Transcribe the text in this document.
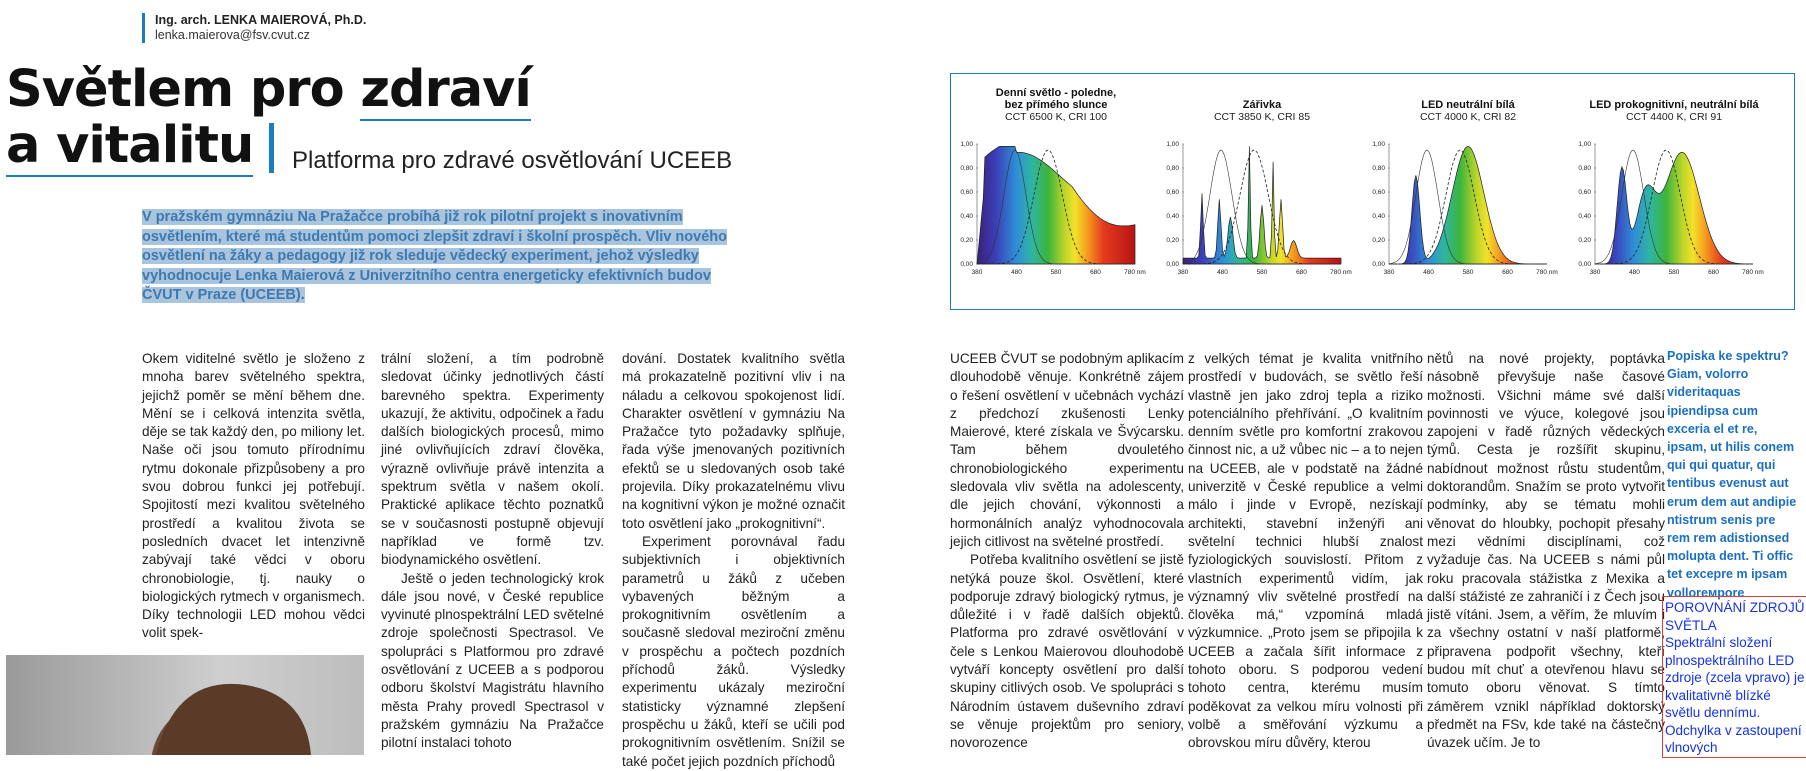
Ing. arch. LENKA MAIEROVÁ, Ph.D.
lenka.maierova@fsv.cvut.cz
Světlem pro zdraví
a vitalitu Platforma pro zdravé osvětlování UCEEB
V pražském gymnáziu Na Pražačce probíhá již rok pilotní projekt s inovativním osvětlením, které má studentům pomoci zlepšit zdraví i školní prospěch. Vliv nového osvětlení na žáky a pedagogy již rok sleduje vědecký experiment, jehož výsledky vyhodnocuje Lenka Maierová z Univerzitního centra energeticky efektivních budov ČVUT v Praze (UCEEB).
Denní světlo - poledne,
bez přímého slunce
CCT 6500 K, CRI 100
1,00
0,80
0,60
0,40
0,20
0,00
380	480	580	680	780 nm
Zářivka
CCT 3850 K, CRI 85
1,00
0,80
0,60
0,40
0,20
0,00
380	480	580	680	780 nm
LED neutrální bílá
CCT 4000 K, CRI 82
1,00
0,80
0,60
0,40
0,20
0,00
380	480	580	680	780 nm
LED prokognitivní, neutrální bílá
CCT 4400 K, CRI 91
1,00
0,80
0,60
0,40
0,20
0,00
380	480	580	680	780 nm

Okem viditelné světlo je složeno z mnoha barev světelného spektra, jejichž poměr se mění během dne. Mění se i celková intenzita světla, děje se tak každý den, po miliony let. Naše oči jsou tomuto přírodnímu rytmu dokonale přizpůsobeny a pro svou dobrou funkci jej potřebují. Spojitostí mezi kvalitou světelného prostředí a kvalitou života se posledních dvacet let intenzivně zabývají také vědci v oboru chronobiologie, tj. nauky o biologických rytmech v organismech. Díky technologii LED mohou vědci volit spek-

trální složení, a tím podrobně sledovat účinky jednotlivých částí barevného spektra. Experimenty ukazují, že aktivitu, odpočinek a řadu dalších biologických procesů, mimo jiné ovlivňujících zdraví člověka, výrazně ovlivňuje právě intenzita a spektrum světla v našem okolí. Praktické aplikace těchto poznatků se v současnosti postupně objevují například ve formě tzv. biodynamického osvětlení.

Ještě o jeden technologický krok dále jsou nové, v České republice vyvinuté plnospektrální LED světelné zdroje společnosti Spectrasol. Ve spolupráci s Platformou pro zdravé osvětlování z UCEEB a s podporou odboru školství Magistrátu hlavního města Prahy provedl Spectrasol v pražském gymnáziu Na Pražačce pilotní instalaci tohoto

dování. Dostatek kvalitního světla má prokazatelně pozitivní vliv i na náladu a celkovou spokojenost lidí. Charakter osvětlení v gymnáziu Na Pražačce tyto požadavky splňuje, řada výše jmenovaných pozitivních efektů se u sledovaných osob také projevila. Díky prokazatelnému vlivu na kognitivní výkon je možné označit toto osvětlení jako „prokognitivní“.

Experiment porovnával řadu subjektivních i objektivních parametrů u žáků z učeben vybavených běžným a prokognitivním osvětlením a současně sledoval meziroční změnu v prospěchu a počtech pozdních příchodů žáků. Výsledky experimentu ukázaly meziroční statisticky významné zlepšení prospěchu u žáků, kteří se učili pod prokognitivním osvětlením. Snížil se také počet jejich pozdních příchodů

UCEEB ČVUT se podobným aplikacím dlouhodobě věnuje. Konkrétně zájem o řešení osvětlení v učebnách vychází z předchozí zkušenosti Lenky Maierové, které získala ve Švýcarsku. Tam během dvouletého chronobiologického experimentu sledovala vliv světla na adolescenty, dle jejich chování, výkonnosti a hormonálních analýz vyhodnocovala jejich citlivost na světelné prostředí.

Potřeba kvalitního osvětlení se jistě netýká pouze škol. Osvětlení, které podporuje zdravý biologický rytmus, je důležité i v řadě dalších objektů. Platforma pro zdravé osvětlování v čele s Lenkou Maierovou dlouhodobě vytváří koncepty osvětlení pro další skupiny citlivých osob. Ve spolupráci s Národním ústavem duševního zdraví se věnuje projektům pro seniory, novorozence

z velkých témat je kvalita vnitřního prostředí v budovách, se světlo řeší vlastně jen jako zdroj tepla a riziko potenciálního přehřívání. „O kvalitním denním světle pro komfortní zrakovou činnost nic, a už vůbec nic – a to nejen na UCEEB, ale v podstatě na žádné univerzitě v České republice a velmi málo i jinde v Evropě, nezískají architekti, stavební inženýři ani světelní technici hlubší znalost fyziologických souvislostí. Přitom z vlastních experimentů vidím, jak významný vliv světelné prostředí na člověka má,“ vzpomíná mladá výzkumnice. „Proto jsem se připojila k UCEEB a začala šířit informace z tohoto oboru. S podporou vedení tohoto centra, kterému musím poděkovat za velkou míru volnosti při volbě a směřování výzkumu a obrovskou míru důvěry, kterou

nětů na nové projekty, poptávka násobně převyšuje naše časové možnosti. Všichni máme své další povinnosti ve výuce, kolegové jsou zapojeni v řadě různých vědeckých týmů. Cesta je rozšířit skupinu, nabídnout možnost růstu studentům, doktorandům. Snažím se proto vytvořit podmínky, aby se tématu mohli věnovat do hloubky, pochopit přesahy mezi vědními disciplínami, což vyžaduje čas. Na UCEEB s námi půl roku pracovala stážistka z Mexika a další stážisté ze zahraničí i z Čech jsou jistě vítáni. Jsem, a věřím, že mluvím i za všechny ostatní v naší platformě, připravena podpořit všechny, kteří budou mít chuť a otevřenou hlavu se tomuto oboru věnovat. S tímto záměrem vznikl nápříklad doktorský předmět na FSv, kde také na částečný úvazek učím. Je to

Popiska ke spektru?Giam, volorro videritaquas ipiendipsa cum exceria el et re, ipsam, ut hilis conem qui qui quatur, qui tentibus evenust aut erum dem aut andipie ntistrum senis pre rem rem adistionsed molupta dent. Ti offic tet excepre m ipsam volloreмpore
POROVNÁNÍ ZDROJŮ SVĚTLA
Spektrální složení plnospektrálního LED zdroje (zcela vpravo) je kvalitativně blízké světlu dennímu. Odchylka v zastoupení vlnových
